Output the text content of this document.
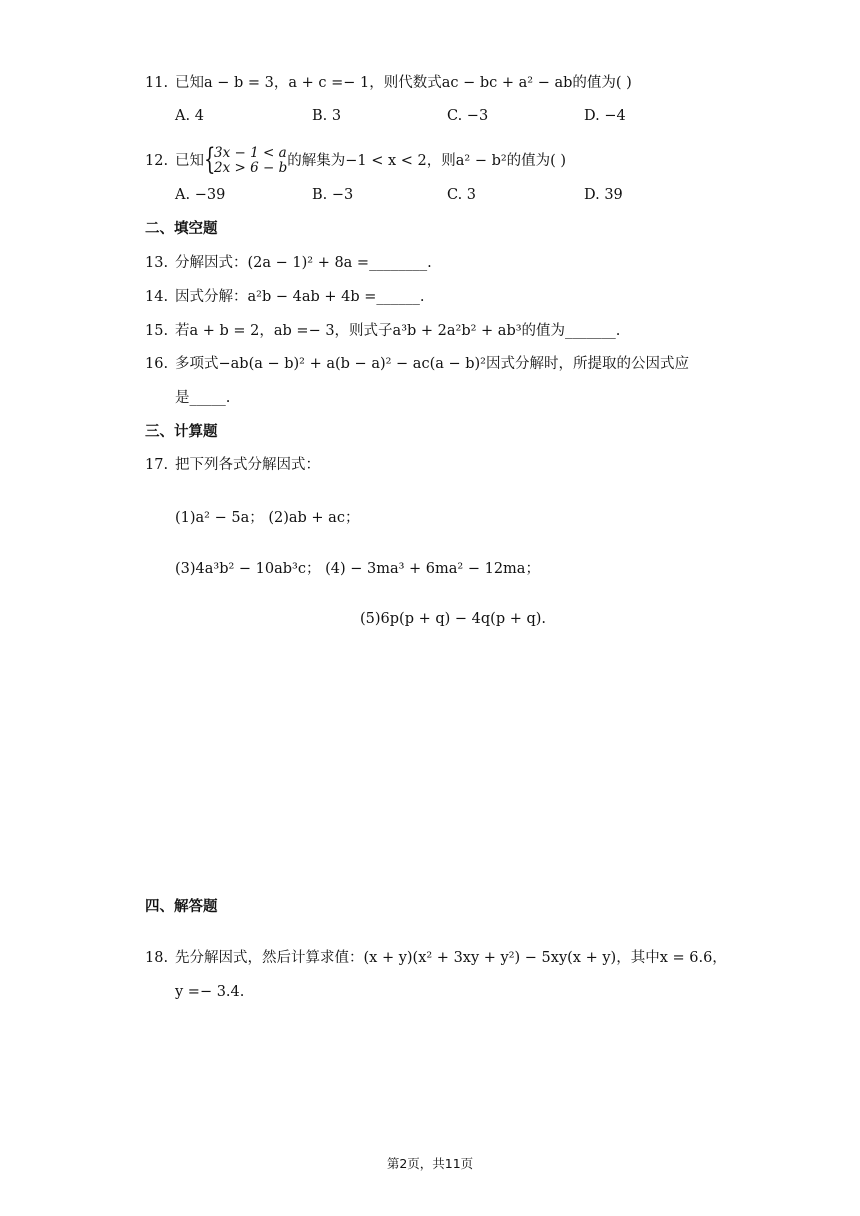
11. 已知a − b = 3，a + c =− 1，则代数式ac − bc + a² − ab的值为( )
A. 4	B. 3	C. −3	D. −4
12. 已知 {
3x − 1 < a
2x > 6 − b 的解集为−1 < x < 2，则a² − b²的值为( )
A. −39	B. −3	C. 3	D. 39
二、填空题
13. 分解因式：(2a − 1)² + 8a =________.
14. 因式分解：a²b − 4ab + 4b =______.
15. 若a + b = 2，ab =− 3，则式子a³b + 2a²b² + ab³的值为_______.
16. 多项式−ab(a − b)² + a(b − a)² − ac(a − b)²因式分解时，所提取的公因式应
是_____.
三、计算题
17. 把下列各式分解因式：
(1)a² − 5a； (2)ab + ac；
(3)4a³b² − 10ab³c； (4) − 3ma³ + 6ma² − 12ma；
(5)6p(p + q) − 4q(p + q).
四、解答题
18. 先分解因式，然后计算求值：(x + y)(x² + 3xy + y²) − 5xy(x + y)，其中x = 6.6，
y =− 3.4.
第2页，共11页
